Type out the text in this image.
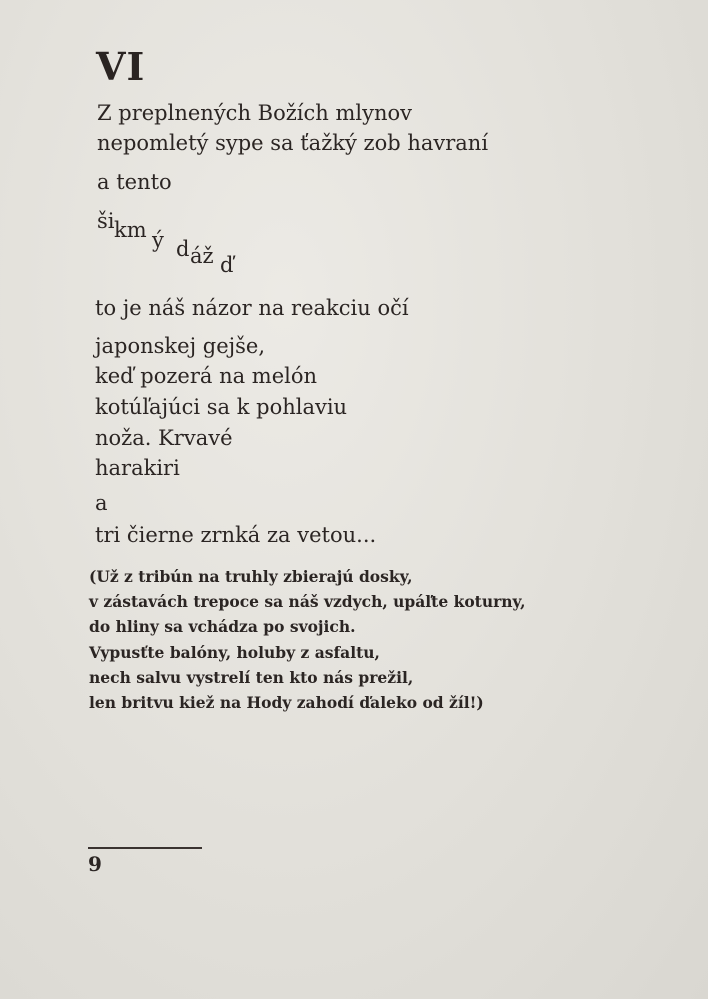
VI
Z preplnených Božích mlynov
nepomletý sype sa ťažký zob havraní
a tento
ši km ý d áž ď
to je náš názor na reakciu očí
japonskej gejše,
keď pozerá na melón
kotúľajúci sa k pohlaviu
noža. Krvavé
harakiri
a
tri čierne zrnká za vetou...
(Už z tribún na truhly zbierajú dosky,
v zástavách trepoce sa náš vzdych, upáľte koturny,
do hliny sa vchádza po svojich.
Vypusťte balóny, holuby z asfaltu,
nech salvu vystrelí ten kto nás prežil,
len britvu kiež na Hody zahodí ďaleko od žíl!)
9
